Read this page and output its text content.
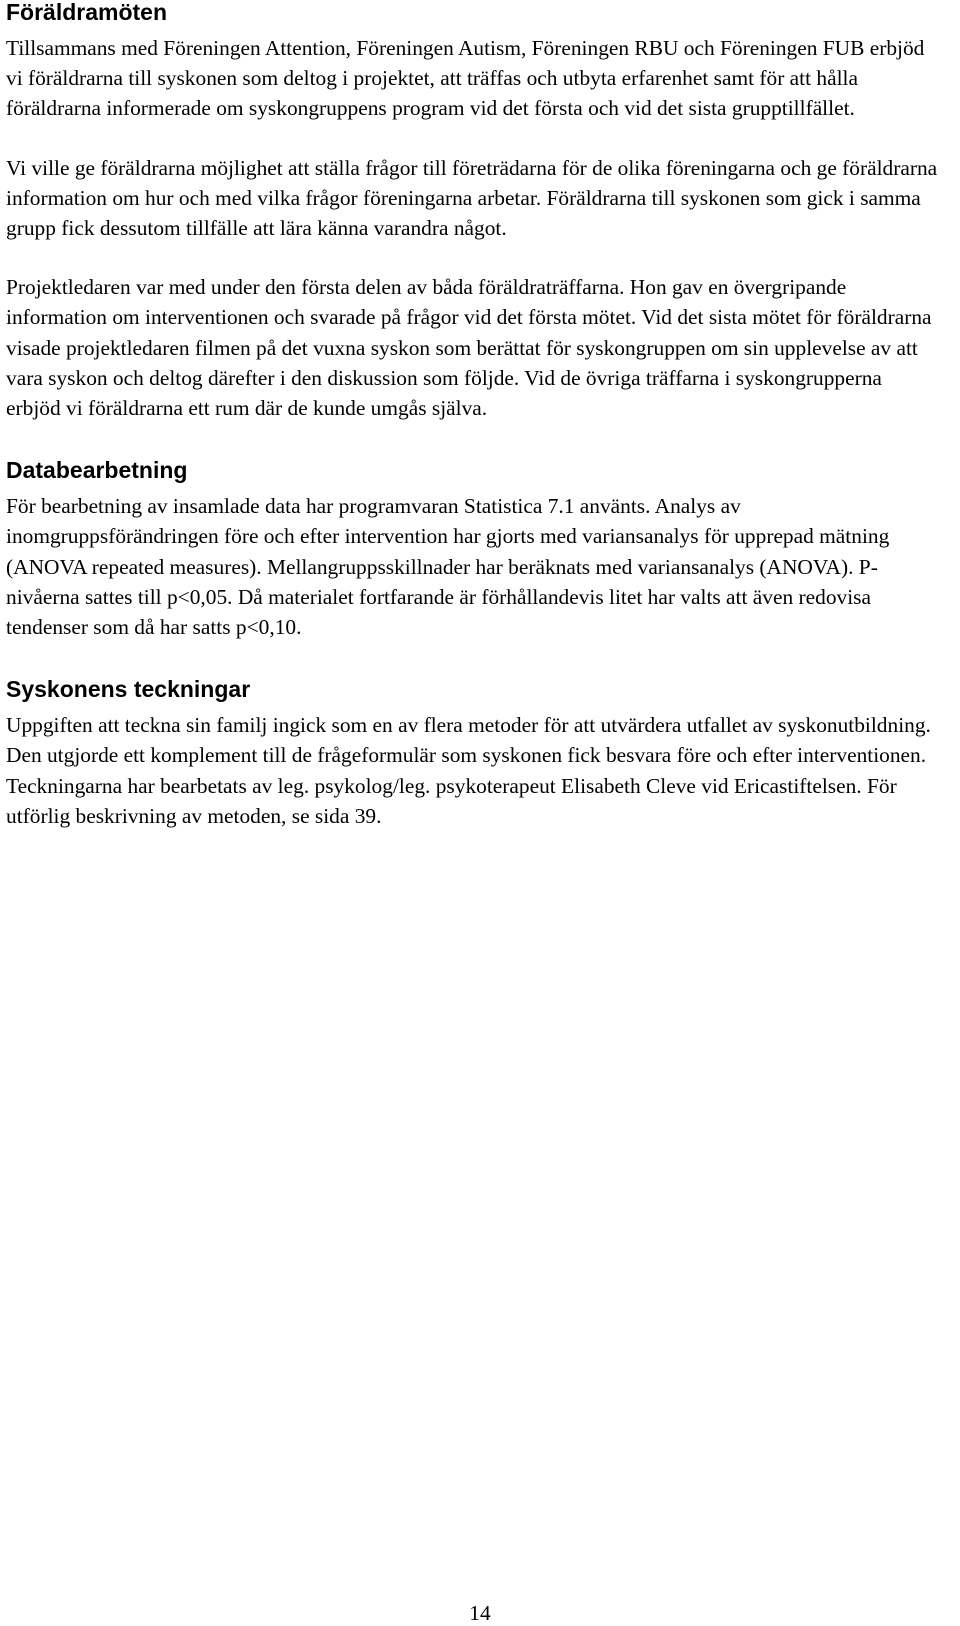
Föräldramöten

Tillsammans med Föreningen Attention, Föreningen Autism, Föreningen RBU och Föreningen FUB erbjöd vi föräldrarna till syskonen som deltog i projektet, att träffas och utbyta erfarenhet samt för att hålla föräldrarna informerade om syskongruppens program vid det första och vid det sista grupptillfället.

Vi ville ge föräldrarna möjlighet att ställa frågor till företrädarna för de olika föreningarna och ge föräldrarna information om hur och med vilka frågor föreningarna arbetar. Föräldrarna till syskonen som gick i samma grupp fick dessutom tillfälle att lära känna varandra något.

Projektledaren var med under den första delen av båda föräldraträffarna. Hon gav en övergripande information om interventionen och svarade på frågor vid det första mötet. Vid det sista mötet för föräldrarna visade projektledaren filmen på det vuxna syskon som berättat för syskongruppen om sin upplevelse av att vara syskon och deltog därefter i den diskussion som följde. Vid de övriga träffarna i syskongrupperna erbjöd vi föräldrarna ett rum där de kunde umgås själva.

Databearbetning

För bearbetning av insamlade data har programvaran Statistica 7.1 använts. Analys av inomgruppsförändringen före och efter intervention har gjorts med variansanalys för upprepad mätning (ANOVA repeated measures). Mellangruppsskillnader har beräknats med variansanalys (ANOVA). P-nivåerna sattes till p<0,05. Då materialet fortfarande är förhållandevis litet har valts att även redovisa tendenser som då har satts p<0,10.

Syskonens teckningar

Uppgiften att teckna sin familj ingick som en av flera metoder för att utvärdera utfallet av syskonutbildning. Den utgjorde ett komplement till de frågeformulär som syskonen fick besvara före och efter interventionen. Teckningarna har bearbetats av leg. psykolog/leg. psykoterapeut Elisabeth Cleve vid Ericastiftelsen. För utförlig beskrivning av metoden, se sida 39.

14
